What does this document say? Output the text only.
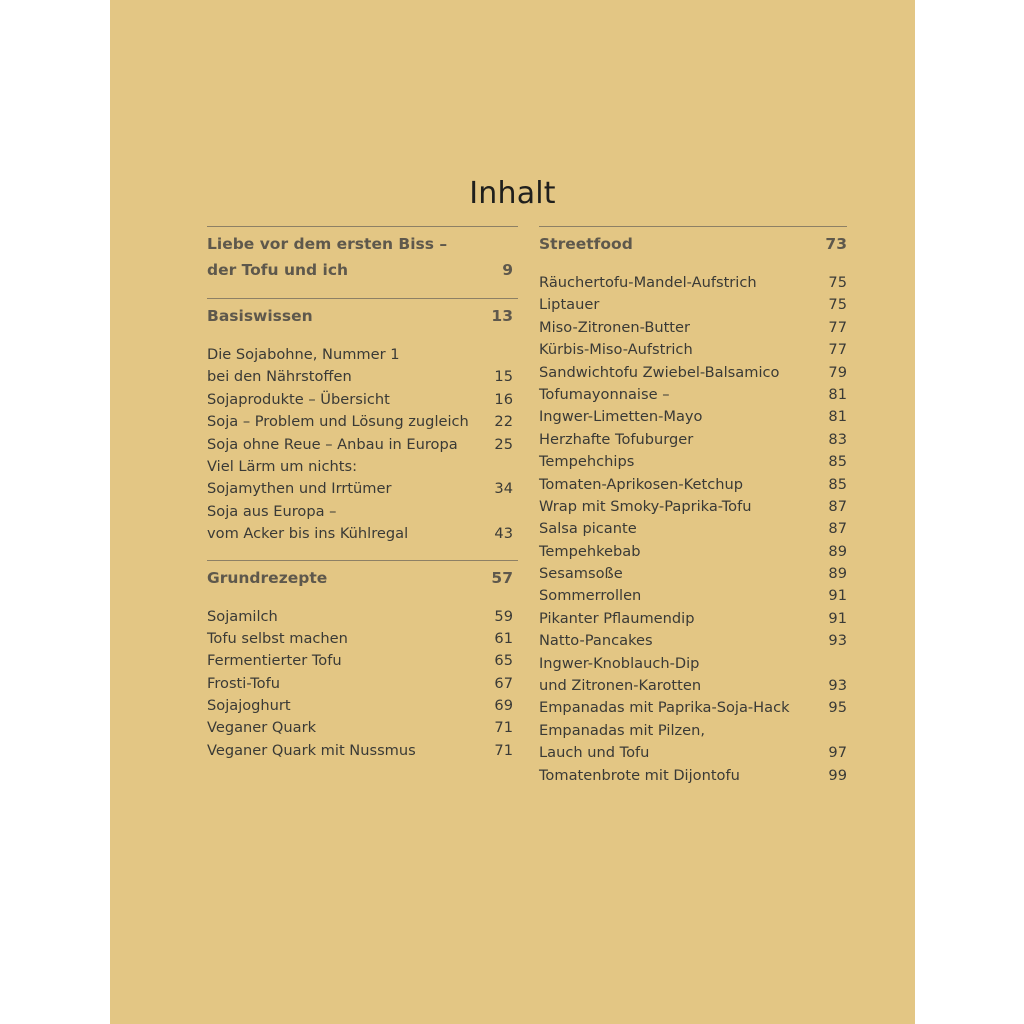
Inhalt
Liebe vor dem ersten Biss –
der Tofu und ich	9
Basiswissen	13
Die Sojabohne, Nummer 1
bei den Nährstoffen	15
Sojaprodukte – Übersicht	16
Soja – Problem und Lösung zugleich 22
Soja ohne Reue – Anbau in Europa	25
Viel Lärm um nichts:
Sojamythen und Irrtümer	34
Soja aus Europa –
vom Acker bis ins Kühlregal	43
Grundrezepte	57
Sojamilch	59
Tofu selbst machen	61
Fermentierter Tofu	65
Frosti-Tofu	67
Sojajoghurt	69
Veganer Quark	71
Veganer Quark mit Nussmus	71
Streetfood	73
Räuchertofu-Mandel-Aufstrich	75
Liptauer	75
Miso-Zitronen-Butter	77
Kürbis-Miso-Aufstrich	77
Sandwichtofu Zwiebel-Balsamico	79
Tofumayonnaise –	81
Ingwer-Limetten-Mayo	81
Herzhafte Tofuburger	83
Tempehchips	85
Tomaten-Aprikosen-Ketchup	85
Wrap mit Smoky-Paprika-Tofu	87
Salsa picante	87
Tempehkebab	89
Sesamsoße	89
Sommerrollen	91
Pikanter Pflaumendip	91
Natto-Pancakes	93
Ingwer-Knoblauch-Dip
und Zitronen-Karotten	93
Empanadas mit Paprika-Soja-Hack	95
Empanadas mit Pilzen,
Lauch und Tofu	97
Tomatenbrote mit Dijontofu	99
